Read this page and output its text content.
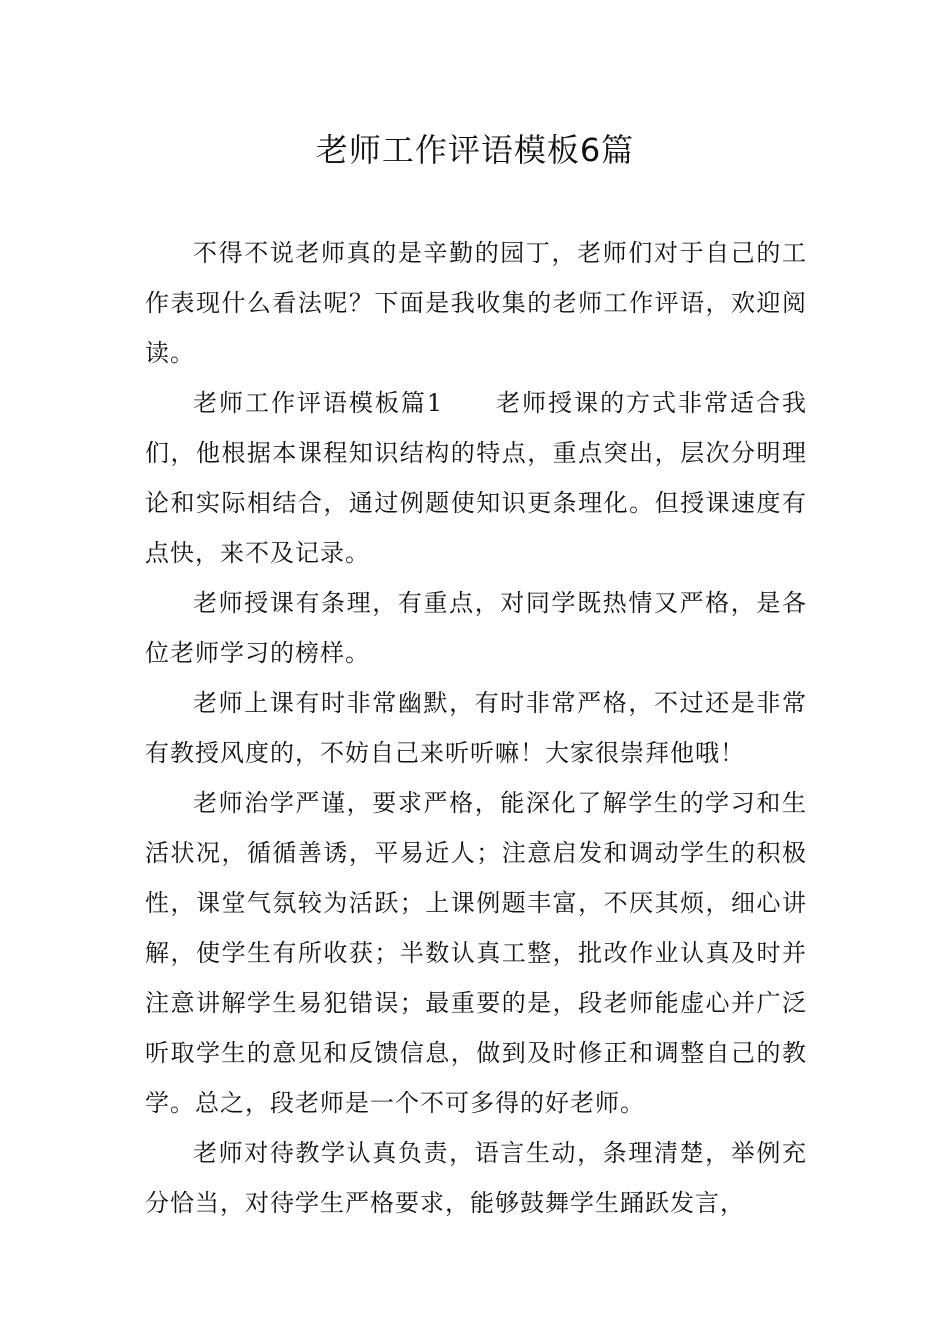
老师工作评语模板6篇

不得不说老师真的是辛勤的园丁，老师们对于自己的工作表现什么看法呢？下面是我收集的老师工作评语，欢迎阅读。

老师工作评语模板篇1　　老师授课的方式非常适合我们，他根据本课程知识结构的特点，重点突出，层次分明理论和实际相结合，通过例题使知识更条理化。但授课速度有点快，来不及记录。

老师授课有条理，有重点，对同学既热情又严格，是各位老师学习的榜样。

老师上课有时非常幽默，有时非常严格，不过还是非常有教授风度的，不妨自己来听听嘛！大家很崇拜他哦！

老师治学严谨，要求严格，能深化了解学生的学习和生活状况，循循善诱，平易近人；注意启发和调动学生的积极性，课堂气氛较为活跃；上课例题丰富，不厌其烦，细心讲解，使学生有所收获；半数认真工整，批改作业认真及时并注意讲解学生易犯错误；最重要的是，段老师能虚心并广泛听取学生的意见和反馈信息，做到及时修正和调整自己的教学。总之，段老师是一个不可多得的好老师。

老师对待教学认真负责，语言生动，条理清楚，举例充分恰当，对待学生严格要求，能够鼓舞学生踊跃发言，
